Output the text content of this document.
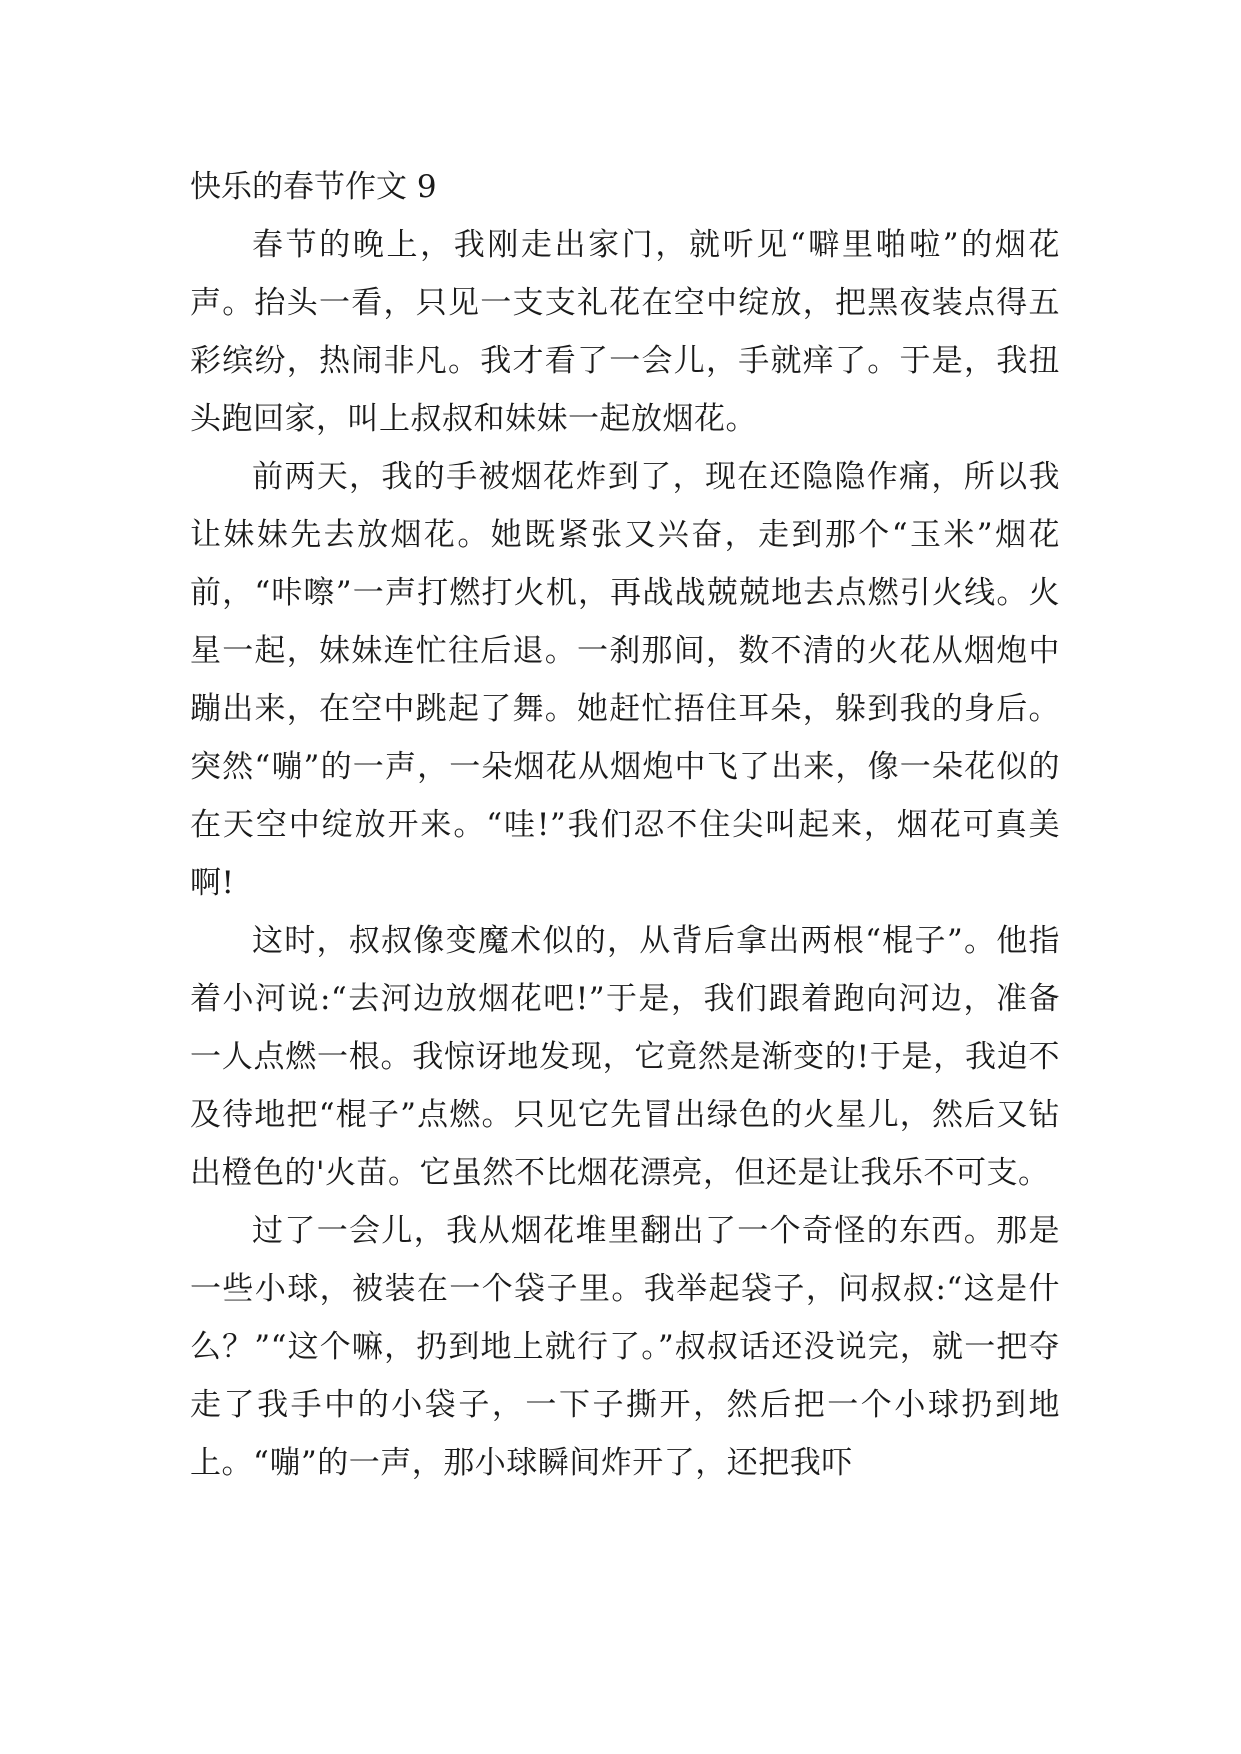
快乐的春节作文 9

春节的晚上，我刚走出家门，就听见“噼里啪啦”的烟花声。抬头一看，只见一支支礼花在空中绽放，把黑夜装点得五彩缤纷，热闹非凡。我才看了一会儿，手就痒了。于是，我扭头跑回家，叫上叔叔和妹妹一起放烟花。

前两天，我的手被烟花炸到了，现在还隐隐作痛，所以我让妹妹先去放烟花。她既紧张又兴奋，走到那个“玉米”烟花前，“咔嚓”一声打燃打火机，再战战兢兢地去点燃引火线。火星一起，妹妹连忙往后退。一刹那间，数不清的火花从烟炮中蹦出来，在空中跳起了舞。她赶忙捂住耳朵，躲到我的身后。突然“嘣”的一声，一朵烟花从烟炮中飞了出来，像一朵花似的在天空中绽放开来。“哇!”我们忍不住尖叫起来，烟花可真美啊!

这时，叔叔像变魔术似的，从背后拿出两根“棍子”。他指着小河说:“去河边放烟花吧!”于是，我们跟着跑向河边，准备一人点燃一根。我惊讶地发现，它竟然是渐变的!于是，我迫不及待地把“棍子”点燃。只见它先冒出绿色的火星儿，然后又钻出橙色的'火苗。它虽然不比烟花漂亮，但还是让我乐不可支。

过了一会儿，我从烟花堆里翻出了一个奇怪的东西。那是一些小球，被装在一个袋子里。我举起袋子，问叔叔:“这是什么？”“这个嘛，扔到地上就行了。”叔叔话还没说完，就一把夺走了我手中的小袋子，一下子撕开，然后把一个小球扔到地上。“嘣”的一声，那小球瞬间炸开了，还把我吓
